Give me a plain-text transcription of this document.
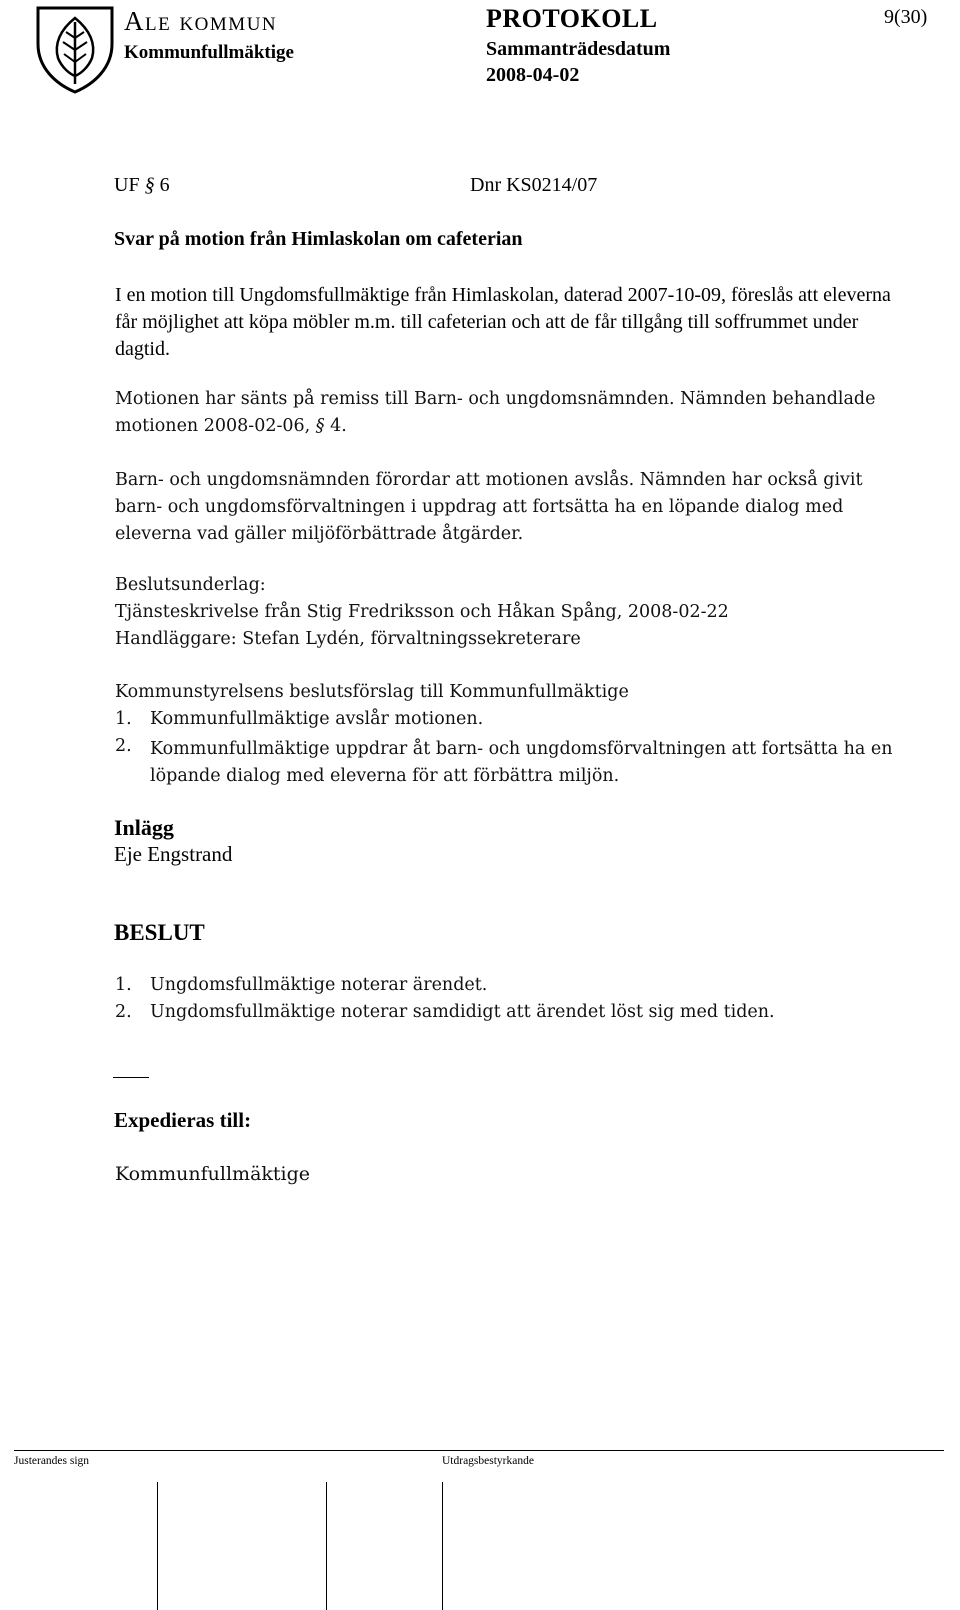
Ale kommun
Kommunfullmäktige
PROTOKOLL	9(30)
Sammanträdesdatum
2008-04-02
UF § 6	Dnr KS0214/07
Svar på motion från Himlaskolan om cafeterian
I en motion till Ungdomsfullmäktige från Himlaskolan, daterad 2007-10-09, föreslås att eleverna får möjlighet att köpa möbler m.m. till cafeterian och att de får tillgång till soffrummet under dagtid.
Motionen har sänts på remiss till Barn- och ungdomsnämnden. Nämnden behandlade motionen 2008-02-06, § 4.
Barn- och ungdomsnämnden förordar att motionen avslås. Nämnden har också givit barn- och ungdomsförvaltningen i uppdrag att fortsätta ha en löpande dialog med eleverna vad gäller miljöförbättrade åtgärder.
Beslutsunderlag:
Tjänsteskrivelse från Stig Fredriksson och Håkan Spång, 2008-02-22
Handläggare: Stefan Lydén, förvaltningssekreterare
Kommunstyrelsens beslutsförslag till Kommunfullmäktige
1. Kommunfullmäktige avslår motionen.
2. Kommunfullmäktige uppdrar åt barn- och ungdomsförvaltningen att fortsätta ha en löpande dialog med eleverna för att förbättra miljön.
Inlägg
Eje Engstrand
BESLUT
1. Ungdomsfullmäktige noterar ärendet.
2. Ungdomsfullmäktige noterar samdidigt att ärendet löst sig med tiden.
Expedieras till:
Kommunfullmäktige
Justerandes sign	Utdragsbestyrkande
